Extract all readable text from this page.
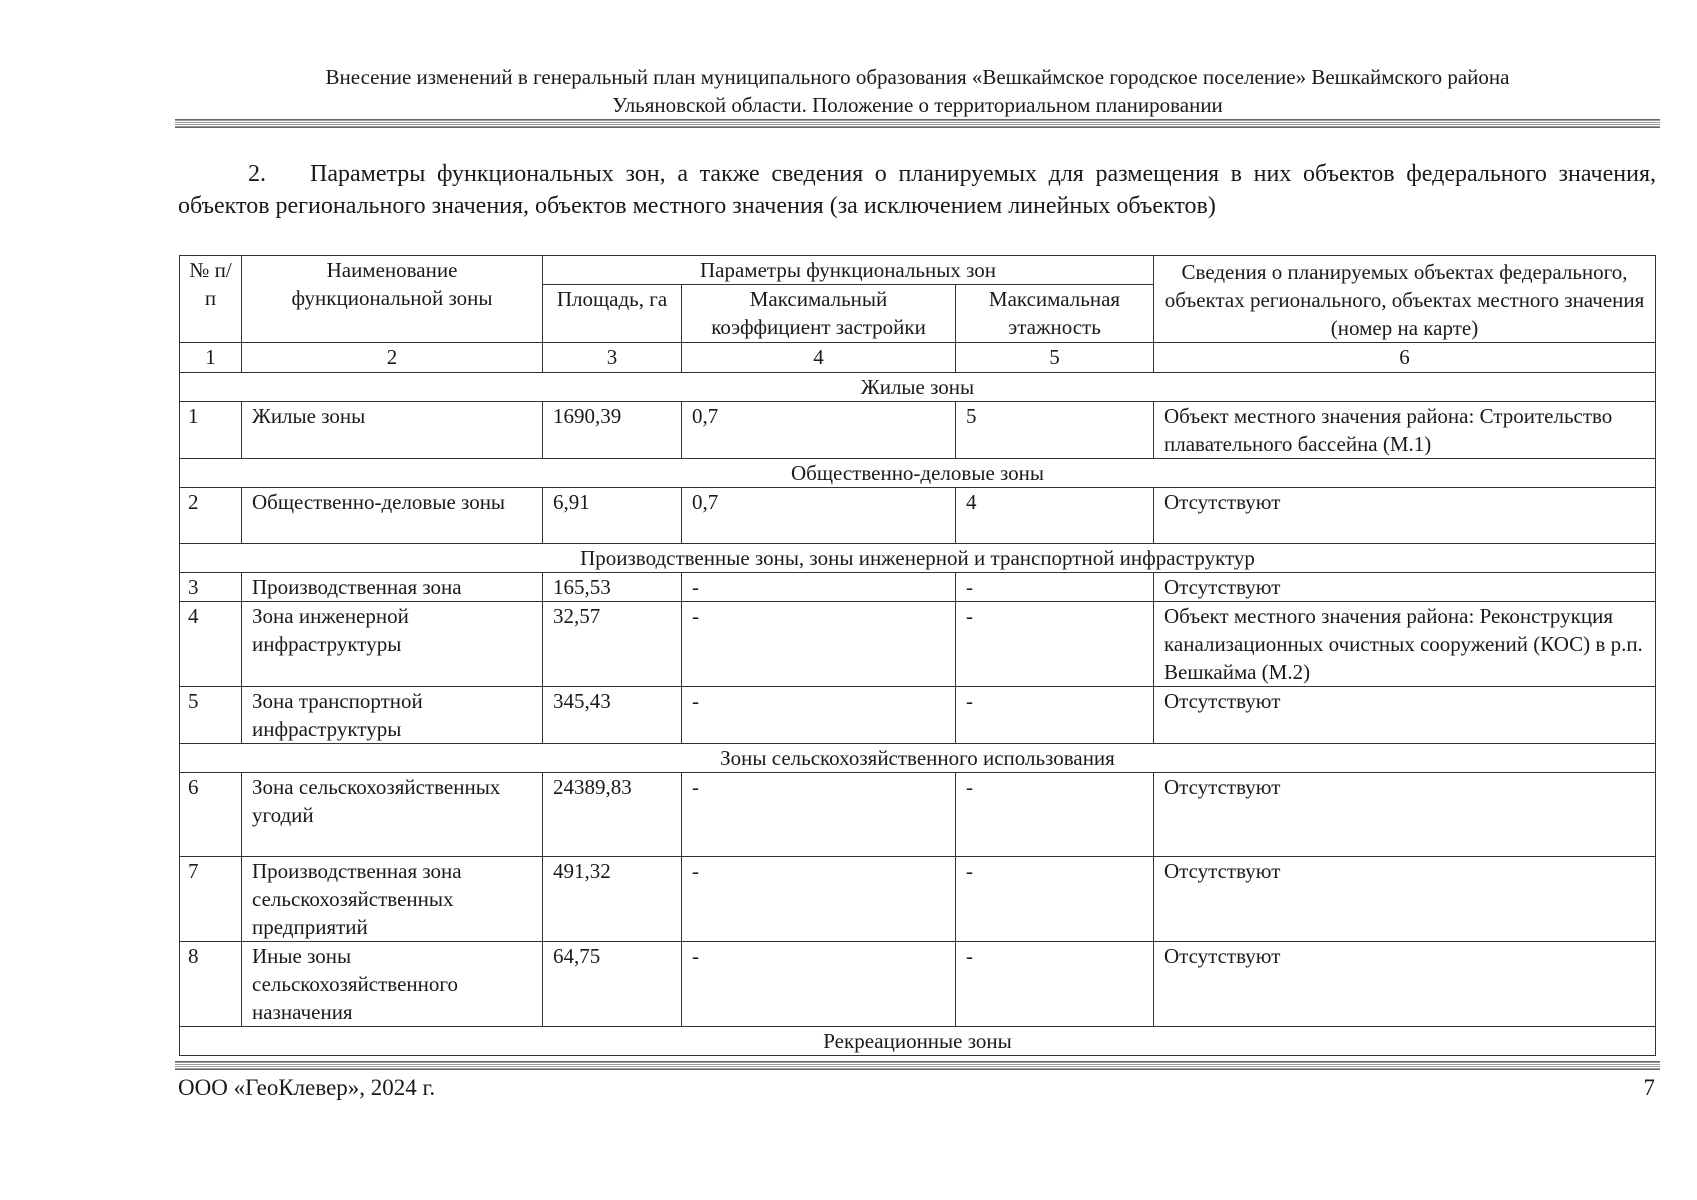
Внесение изменений в генеральный план муниципального образования «Вешкаймское городское поселение» Вешкаймского района
Ульяновской области. Положение о территориальном планировании
2. Параметры функциональных зон, а также сведения о планируемых для размещения в них объектов федерального значения, объектов регионального значения, объектов местного значения (за исключением линейных объектов)
№ п/п	Наименование функциональной зоны	Параметры функциональных зон			Сведения о планируемых объектах федерального, объектах регионального, объектах местного значения (номер на карте)
		Площадь, га	Максимальный коэффициент застройки	Максимальная этажность	
1	2	3	4	5	6
Жилые зоны					
1	Жилые зоны	1690,39	0,7	5	Объект местного значения района: Строительство плавательного бассейна (М.1)
Общественно-деловые зоны					
2	Общественно-деловые зоны	6,91	0,7	4	Отсутствуют
Производственные зоны, зоны инженерной и транспортной инфраструктур					
3	Производственная зона	165,53	-	-	Отсутствуют
4	Зона инженерной инфраструктуры	32,57	-	-	Объект местного значения района: Реконструкция канализационных очистных сооружений (КОС) в р.п. Вешкайма (М.2)
5	Зона транспортной инфраструктуры	345,43	-	-	Отсутствуют
Зоны сельскохозяйственного использования					
6	Зона сельскохозяйственных угодий	24389,83	-	-	Отсутствуют
7	Производственная зона сельскохозяйственных предприятий	491,32	-	-	Отсутствуют
8	Иные зоны сельскохозяйственного назначения	64,75	-	-	Отсутствуют
Рекреационные зоны					
ООО «ГеоКлевер», 2024 г.	7
